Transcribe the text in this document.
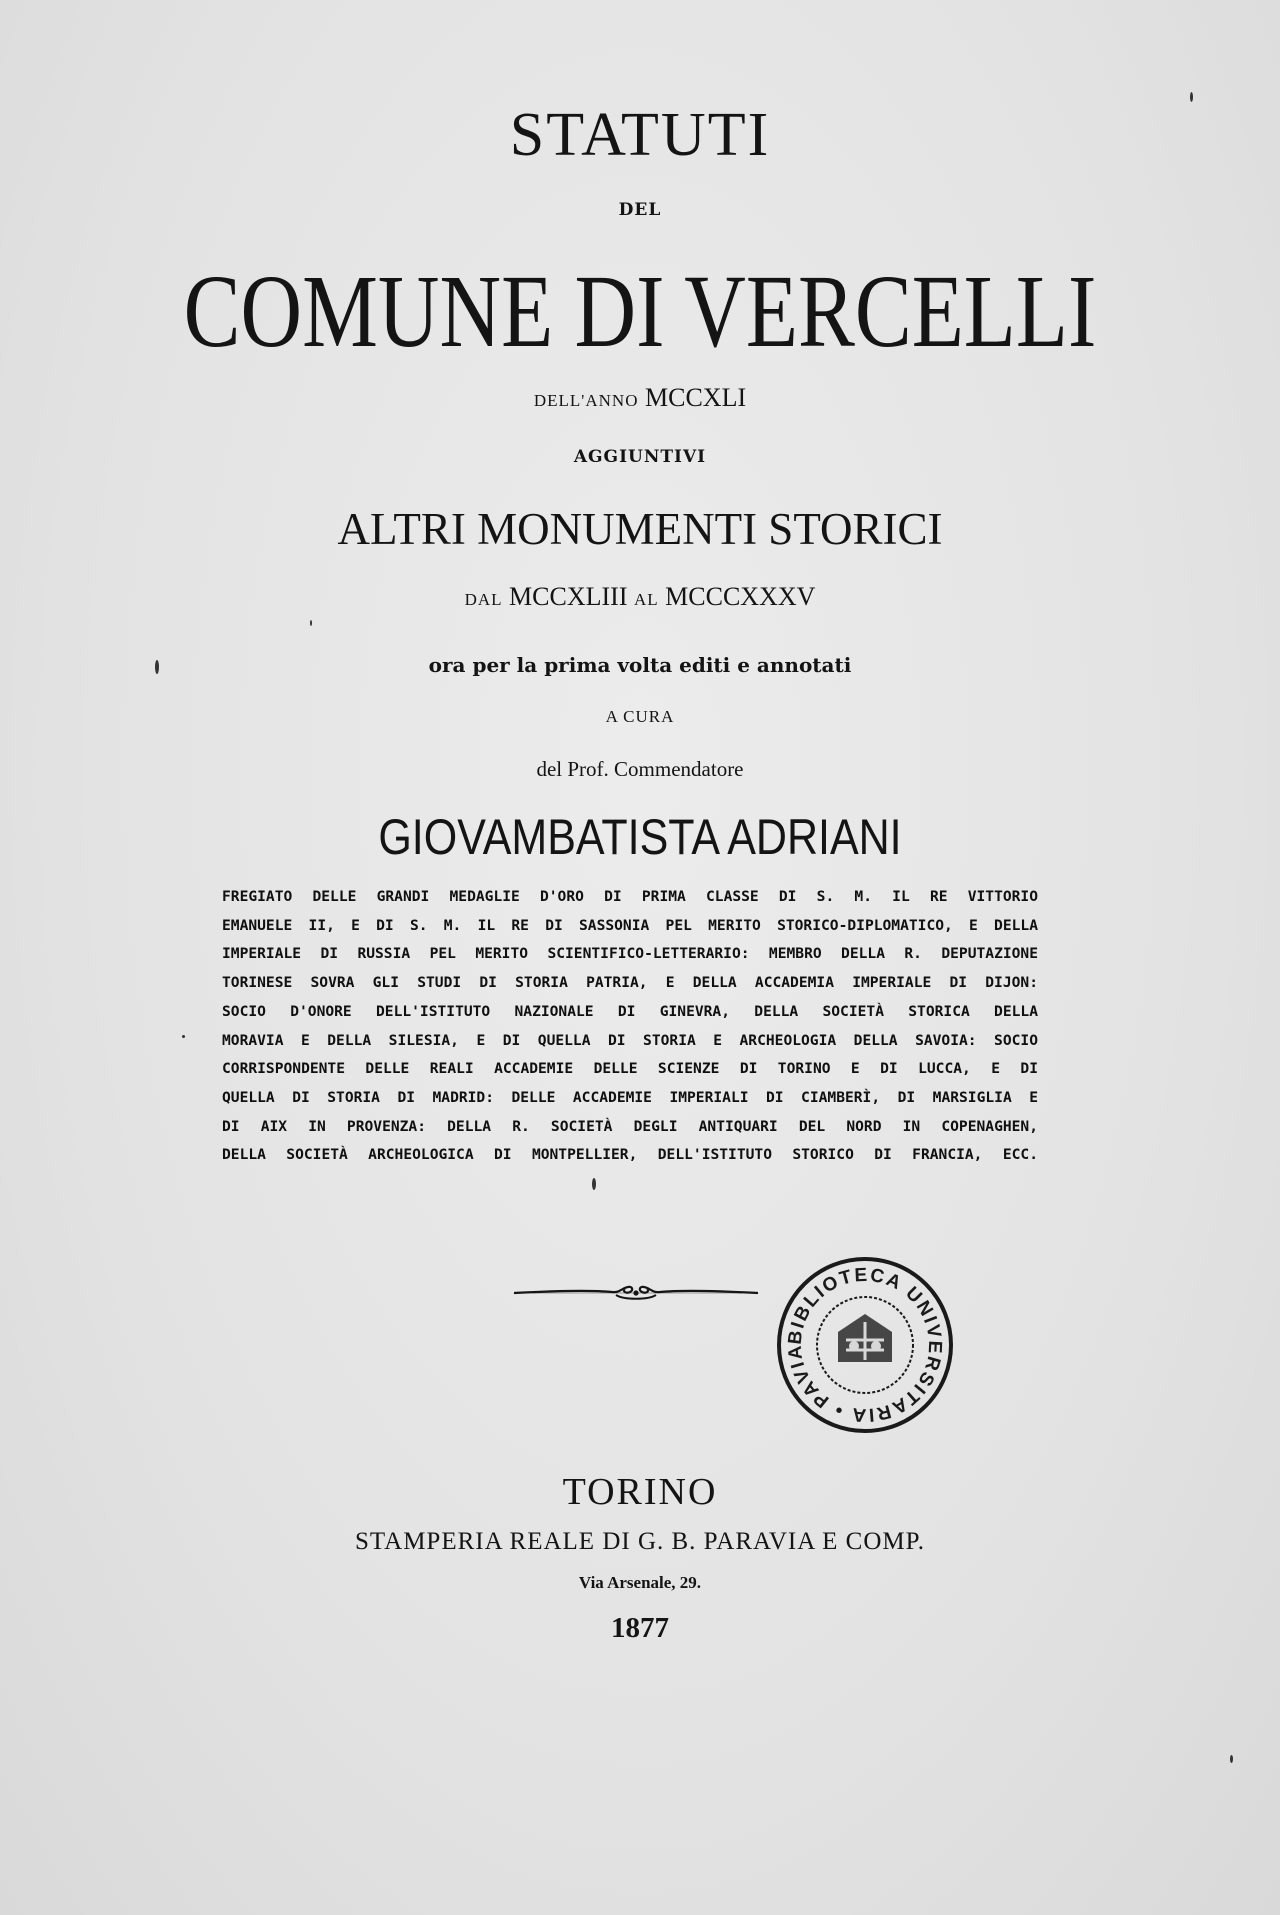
STATUTI
DEL
COMUNE DI VERCELLI
DELL'ANNO MCCXLI
AGGIUNTIVI
ALTRI MONUMENTI STORICI
DAL MCCXLIII AL MCCCXXXV
ora per la prima volta editi e annotati
A CURA
del Prof. Commendatore
GIOVAMBATISTA ADRIANI
FREGIATO DELLE GRANDI MEDAGLIE D'ORO DI PRIMA CLASSE DI S. M. IL RE VITTORIO
EMANUELE II, E DI S. M. IL RE DI SASSONIA PEL MERITO STORICO-DIPLOMATICO, E DELLA
IMPERIALE DI RUSSIA PEL MERITO SCIENTIFICO-LETTERARIO: MEMBRO DELLA R. DEPUTAZIONE
TORINESE SOVRA GLI STUDI DI STORIA PATRIA, E DELLA ACCADEMIA IMPERIALE DI DIJON:
SOCIO D'ONORE DELL'ISTITUTO NAZIONALE DI GINEVRA, DELLA SOCIETÀ STORICA DELLA
MORAVIA E DELLA SILESIA, E DI QUELLA DI STORIA E ARCHEOLOGIA DELLA SAVOIA: SOCIO
CORRISPONDENTE DELLE REALI ACCADEMIE DELLE SCIENZE DI TORINO E DI LUCCA, E DI
QUELLA DI STORIA DI MADRID: DELLE ACCADEMIE IMPERIALI DI CIAMBERÌ, DI MARSIGLIA E
DI AIX IN PROVENZA: DELLA R. SOCIETÀ DEGLI ANTIQUARI DEL NORD IN COPENAGHEN,
DELLA SOCIETÀ ARCHEOLOGICA DI MONTPELLIER, DELL'ISTITUTO STORICO DI FRANCIA, ECC.
BIBLIOTECA UNIVERSITARIA • PAVIA
TORINO
STAMPERIA REALE DI G. B. PARAVIA E COMP.
Via Arsenale, 29.
1877
